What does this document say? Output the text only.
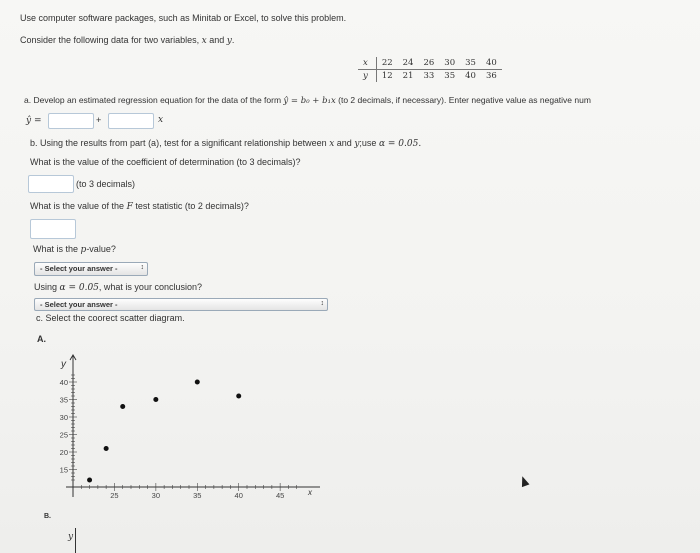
Use computer software packages, such as Minitab or Excel, to solve this problem.
Consider the following data for two variables, x and y.
x	22	24	26	30	35	40
y	12	21	33	35	40	36
a. Develop an estimated regression equation for the data of the form ŷ = b₀ + b₁x (to 2 decimals, if necessary). Enter negative value as negative num
ŷ =	+	x
b. Using the results from part (a), test for a significant relationship between x and y;use α = 0.05.
What is the value of the coefficient of determination (to 3 decimals)?
(to 3 decimals)
What is the value of the F test statistic (to 2 decimals)?
What is the p-value?
- Select your answer -	↕
Using α = 0.05, what is your conclusion?
- Select your answer -	↕
c. Select the coorect scatter diagram.
A.
y
x
15
20
25
30
35
40
25	30	35	40	45
B.
y
